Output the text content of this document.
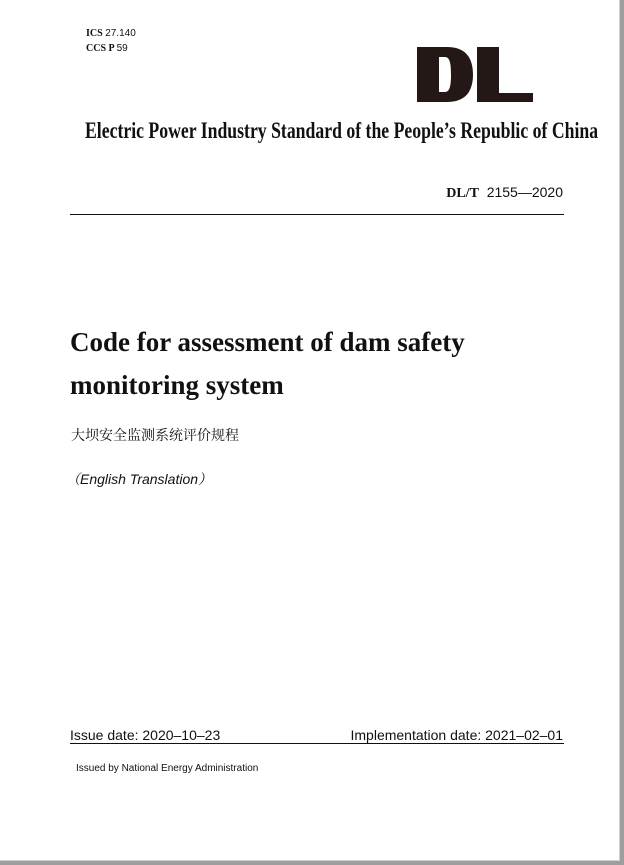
ICS 27.140
CCS P 59
Electric Power Industry Standard of the People’s Republic of China
DL/T 2155—2020
Code for assessment of dam safety
monitoring system
大坝安全监测系统评价规程
（English Translation）
Issue date: 2020–10–23	Implementation date: 2021–02–01
Issued by National Energy Administration
